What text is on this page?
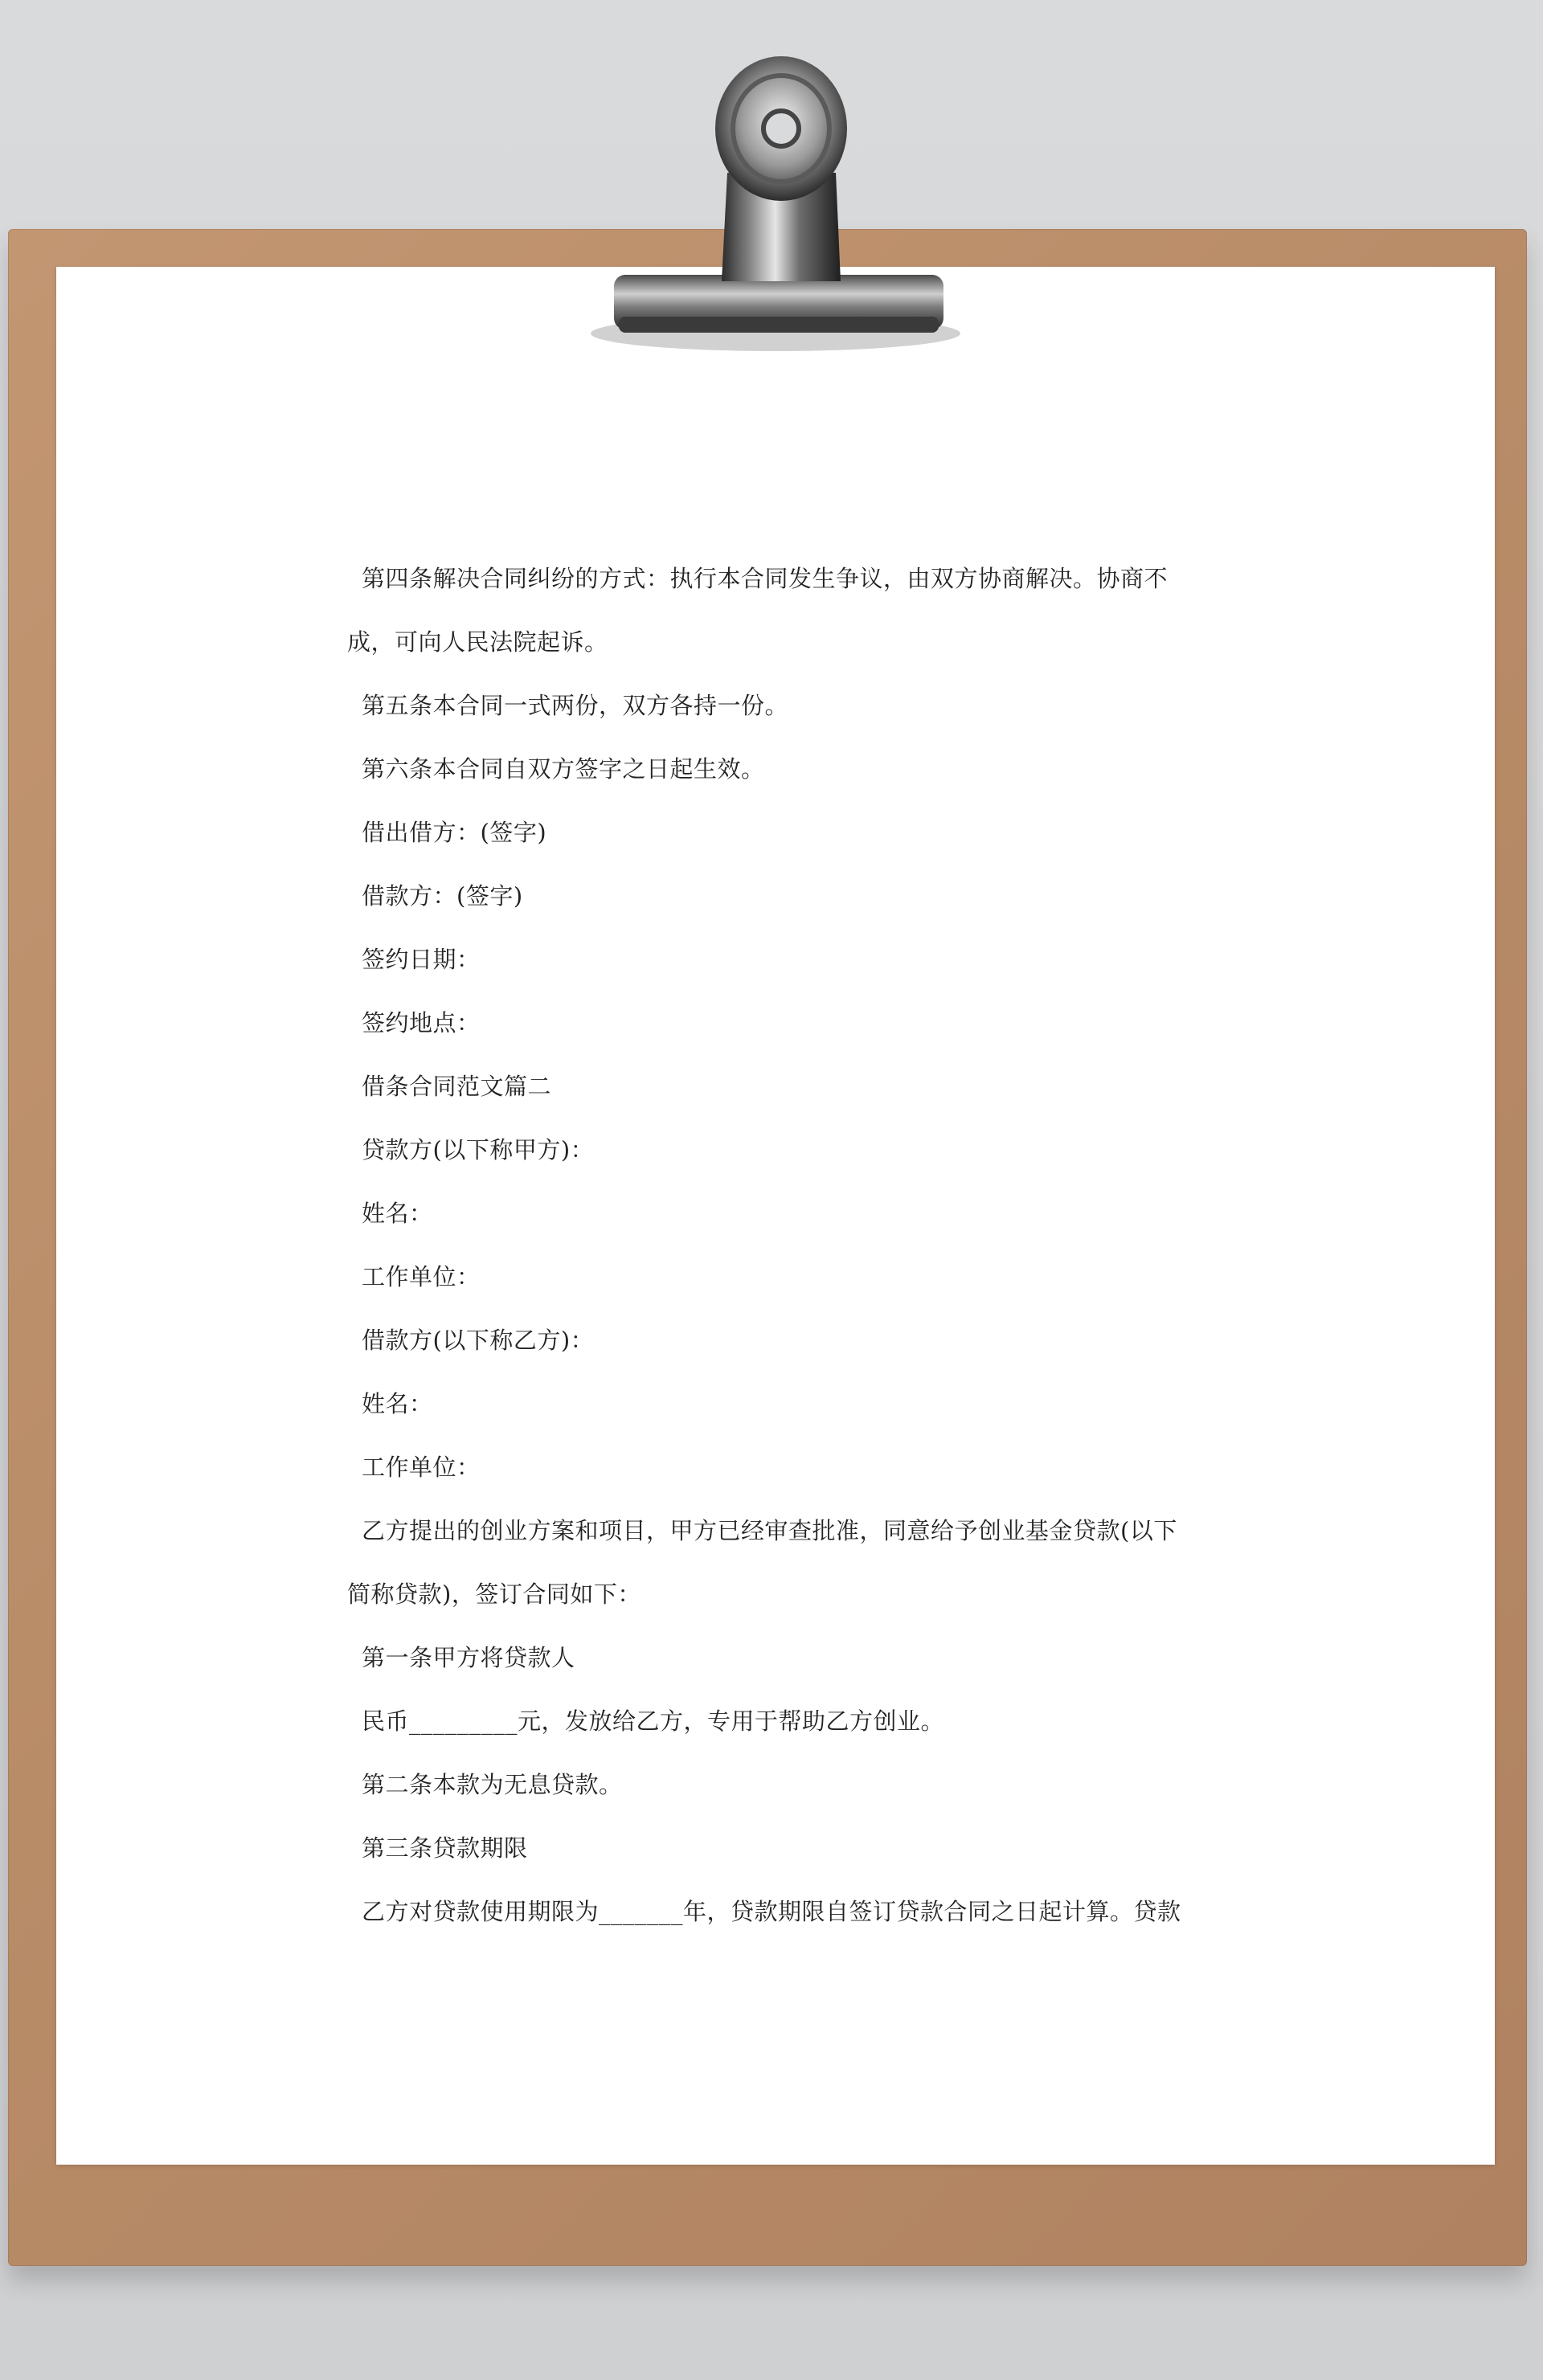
第四条解决合同纠纷的方式：执行本合同发生争议，由双方协商解决。协商不
成，可向人民法院起诉。
第五条本合同一式两份，双方各持一份。
第六条本合同自双方签字之日起生效。
借出借方：(签字)
借款方：(签字)
签约日期：
签约地点：
借条合同范文篇二
贷款方(以下称甲方)：
姓名：
工作单位：
借款方(以下称乙方)：
姓名：
工作单位：
乙方提出的创业方案和项目，甲方已经审查批准，同意给予创业基金贷款(以下
简称贷款)，签订合同如下：
第一条甲方将贷款人
民币_________元，发放给乙方，专用于帮助乙方创业。
第二条本款为无息贷款。
第三条贷款期限
乙方对贷款使用期限为_______年，贷款期限自签订贷款合同之日起计算。贷款
